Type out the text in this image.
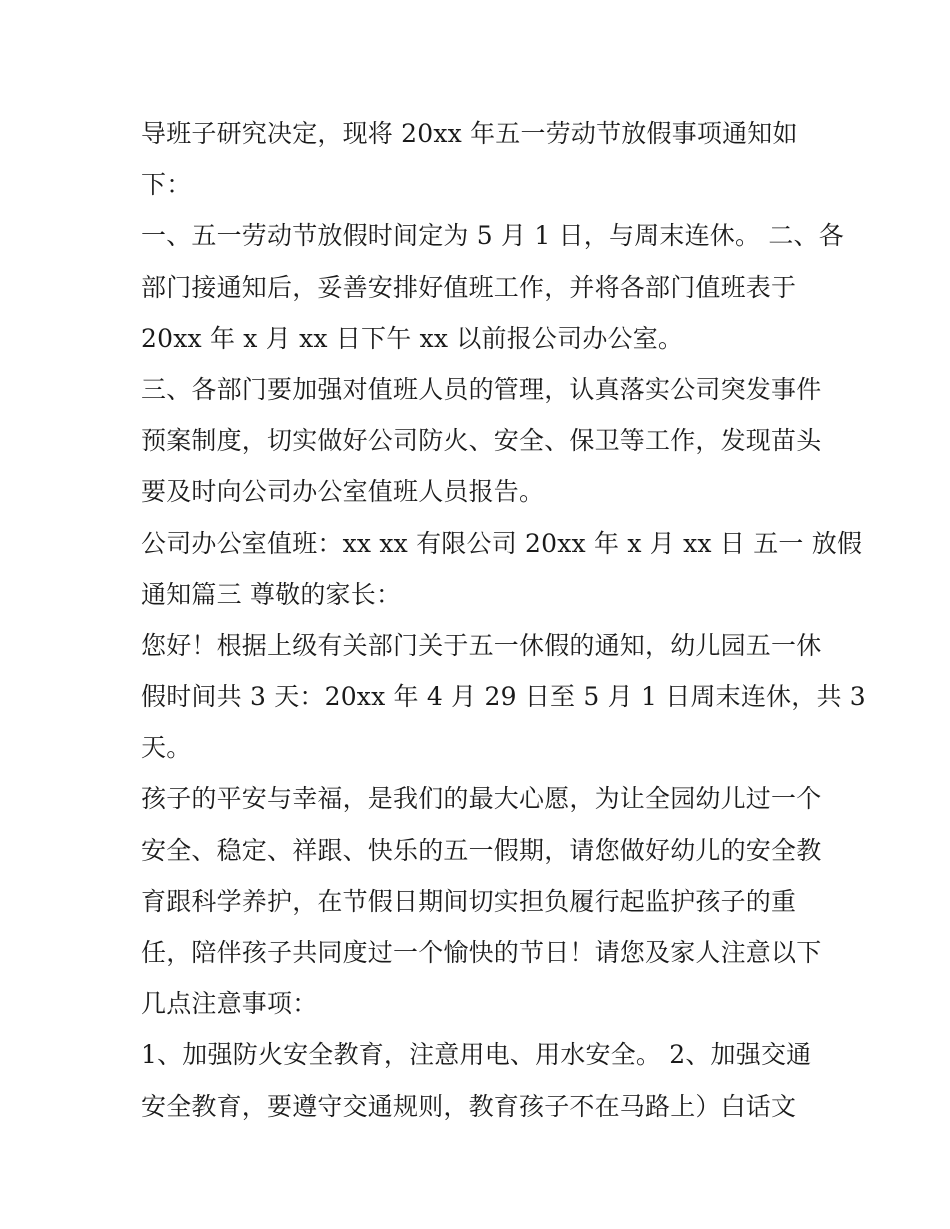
导班子研究决定，现将 20xx 年五一劳动节放假事项通知如
下：
一、五一劳动节放假时间定为 5 月 1 日，与周末连休。 二、各
部门接通知后，妥善安排好值班工作，并将各部门值班表于
20xx 年 x 月 xx 日下午 xx 以前报公司办公室。
三、各部门要加强对值班人员的管理，认真落实公司突发事件
预案制度，切实做好公司防火、安全、保卫等工作，发现苗头
要及时向公司办公室值班人员报告。
公司办公室值班：xx xx 有限公司 20xx 年 x 月 xx 日 五一 放假
通知篇三 尊敬的家长：
您好！根据上级有关部门关于五一休假的通知，幼儿园五一休
假时间共 3 天：20xx 年 4 月 29 日至 5 月 1 日周末连休，共 3
天。
孩子的平安与幸福，是我们的最大心愿，为让全园幼儿过一个
安全、稳定、祥跟、快乐的五一假期，请您做好幼儿的安全教
育跟科学养护，在节假日期间切实担负履行起监护孩子的重
任，陪伴孩子共同度过一个愉快的节日！请您及家人注意以下
几点注意事项：
1、加强防火安全教育，注意用电、用水安全。 2、加强交通
安全教育，要遵守交通规则，教育孩子不在马路上）白话文
